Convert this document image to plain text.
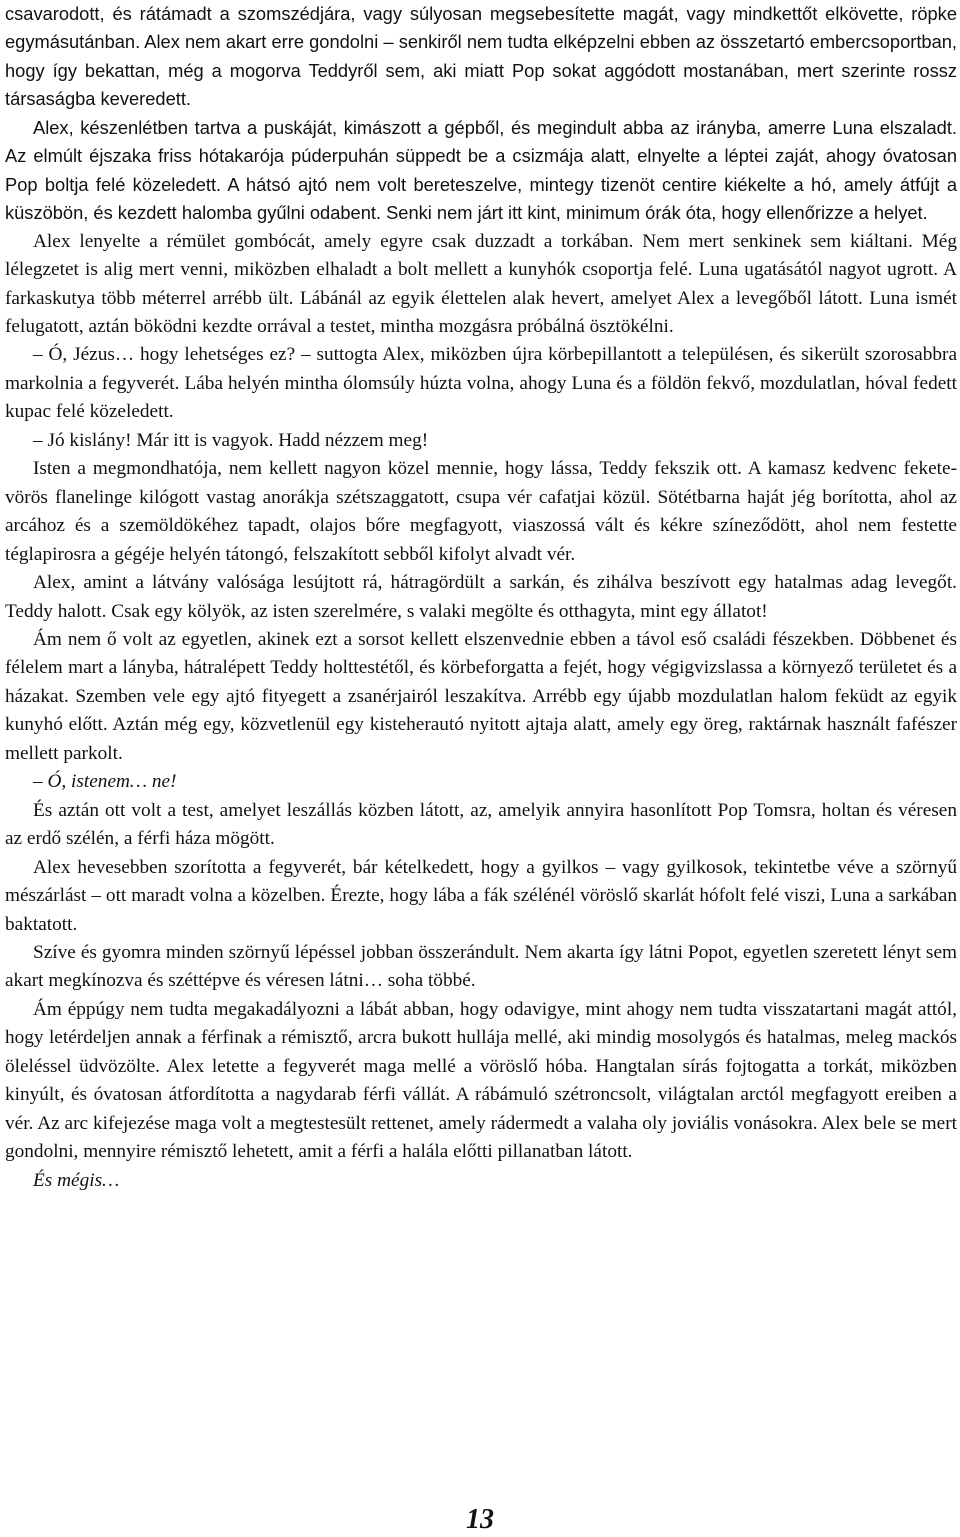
csavarodott, és rátámadt a szomszédjára, vagy súlyosan megsebesítette magát, vagy mindkettőt elkövette, röpke egymásutánban. Alex nem akart erre gondolni – senkiről nem tudta elképzelni ebben az összetartó embercsoportban, hogy így bekattan, még a mogorva Teddyről sem, aki miatt Pop sokat aggódott mostanában, mert szerinte rossz társaságba keveredett.

Alex, készenlétben tartva a puskáját, kimászott a gépből, és megindult abba az irányba, amerre Luna elszaladt. Az elmúlt éjszaka friss hótakarója púderpuhán süppedt be a csizmája alatt, elnyelte a léptei zaját, ahogy óvatosan Pop boltja felé közeledett. A hátsó ajtó nem volt bereteszelve, mintegy tizenöt centire kiékelte a hó, amely átfújt a küszöbön, és kezdett halomba gyűlni odabent. Senki nem járt itt kint, minimum órák óta, hogy ellenőrizze a helyet.

Alex lenyelte a rémület gombócát, amely egyre csak duzzadt a torkában. Nem mert senkinek sem kiáltani. Még lélegzetet is alig mert venni, miközben elhaladt a bolt mellett a kunyhók csoportja felé. Luna ugatásától nagyot ugrott. A farkaskutya több méterrel arrébb ült. Lábánál az egyik élettelen alak hevert, amelyet Alex a levegőből látott. Luna ismét felugatott, aztán böködni kezdte orrával a testet, mintha mozgásra próbálná ösztökélni.

– Ó, Jézus… hogy lehetséges ez? – suttogta Alex, miközben újra körbepillantott a településen, és sikerült szorosabbra markolnia a fegyverét. Lába helyén mintha ólomsúly húzta volna, ahogy Luna és a földön fekvő, mozdulatlan, hóval fedett kupac felé közeledett.

– Jó kislány! Már itt is vagyok. Hadd nézzem meg!

Isten a megmondhatója, nem kellett nagyon közel mennie, hogy lássa, Teddy fekszik ott. A kamasz kedvenc fekete-vörös flanelinge kilógott vastag anorákja szétszaggatott, csupa vér cafatjai közül. Sötétbarna haját jég borította, ahol az arcához és a szemöldökéhez tapadt, olajos bőre megfagyott, viaszossá vált és kékre színeződött, ahol nem festette téglapirosra a gégéje helyén tátongó, felszakított sebből kifolyt alvadt vér.

Alex, amint a látvány valósága lesújtott rá, hátragördült a sarkán, és zihálva beszívott egy hatalmas adag levegőt. Teddy halott. Csak egy kölyök, az isten szerelmére, s valaki megölte és otthagyta, mint egy állatot!

Ám nem ő volt az egyetlen, akinek ezt a sorsot kellett elszenvednie ebben a távol eső családi fészekben. Döbbenet és félelem mart a lányba, hátralépett Teddy holttestétől, és körbeforgatta a fejét, hogy végigvizslassa a környező területet és a házakat. Szemben vele egy ajtó fityegett a zsanérjairól leszakítva. Arrébb egy újabb mozdulatlan halom feküdt az egyik kunyhó előtt. Aztán még egy, közvetlenül egy kisteherautó nyitott ajtaja alatt, amely egy öreg, raktárnak használt fafészer mellett parkolt.

– Ó, istenem… ne!

És aztán ott volt a test, amelyet leszállás közben látott, az, amelyik annyira hasonlított Pop Tomsra, holtan és véresen az erdő szélén, a férfi háza mögött.

Alex hevesebben szorította a fegyverét, bár kételkedett, hogy a gyilkos – vagy gyilkosok, tekintetbe véve a szörnyű mészárlást – ott maradt volna a közelben. Érezte, hogy lába a fák szélénél vöröslő skarlát hófolt felé viszi, Luna a sarkában baktatott.

Szíve és gyomra minden szörnyű lépéssel jobban összerándult. Nem akarta így látni Popot, egyetlen szeretett lényt sem akart megkínozva és széttépve és véresen látni… soha többé.

Ám éppúgy nem tudta megakadályozni a lábát abban, hogy odavigye, mint ahogy nem tudta visszatartani magát attól, hogy letérdeljen annak a férfinak a rémisztő, arcra bukott hullája mellé, aki mindig mosolygós és hatalmas, meleg mackós öleléssel üdvözölte. Alex letette a fegyverét maga mellé a vöröslő hóba. Hangtalan sírás fojtogatta a torkát, miközben kinyúlt, és óvatosan átfordította a nagydarab férfi vállát. A rábámuló szétroncsolt, világtalan arctól megfagyott ereiben a vér. Az arc kifejezése maga volt a megtestesült rettenet, amely rádermedt a valaha oly joviális vonásokra. Alex bele se mert gondolni, mennyire rémisztő lehetett, amit a férfi a halála előtti pillanatban látott.

És mégis…

13
